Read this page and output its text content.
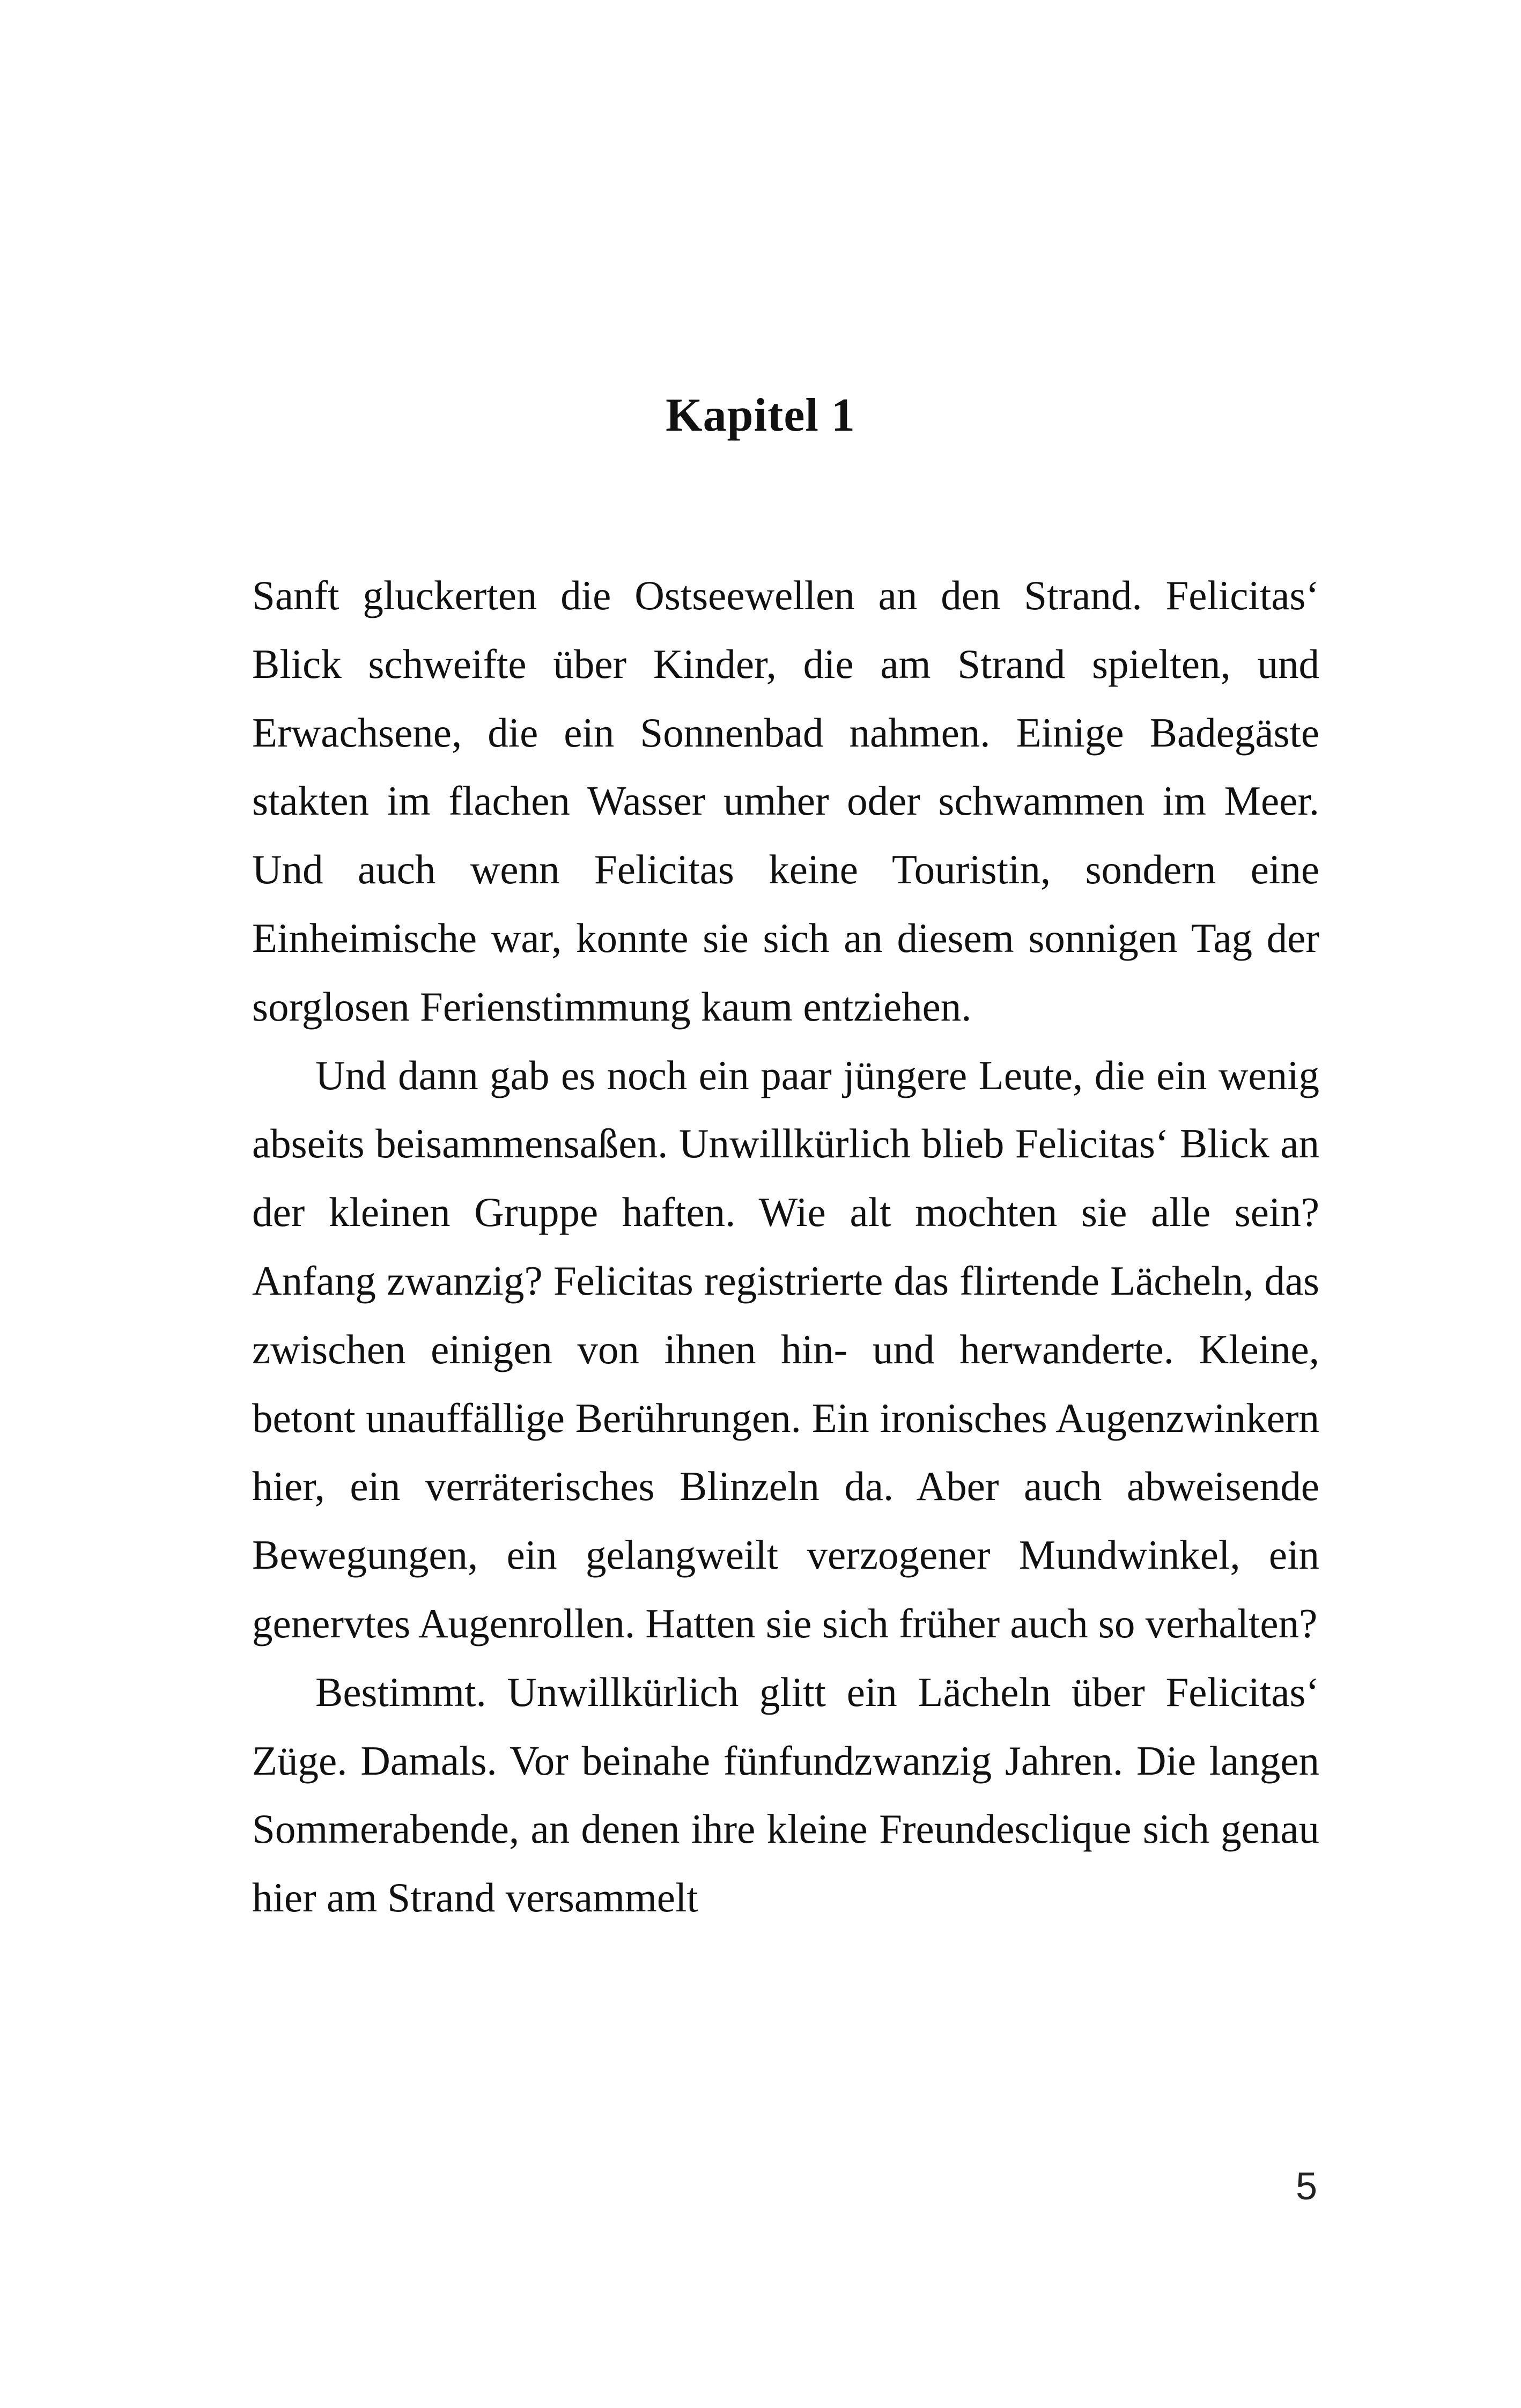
Kapitel 1

Sanft gluckerten die Ostseewellen an den Strand. Felicitas‘ Blick schweifte über Kinder, die am Strand spielten, und Erwachsene, die ein Sonnenbad nahmen. Einige Badegäste stakten im flachen Wasser umher oder schwammen im Meer. Und auch wenn Felicitas keine Touristin, sondern eine Einheimische war, konnte sie sich an diesem sonnigen Tag der sorglosen Ferienstimmung kaum entziehen.

Und dann gab es noch ein paar jüngere Leute, die ein wenig abseits beisammensaßen. Unwillkürlich blieb Felicitas‘ Blick an der kleinen Gruppe haften. Wie alt mochten sie alle sein? Anfang zwanzig? Felicitas registrierte das flirtende Lächeln, das zwischen einigen von ihnen hin- und herwanderte. Kleine, betont unauffällige Berührungen. Ein ironisches Augenzwinkern hier, ein verräterisches Blinzeln da. Aber auch abweisende Bewegungen, ein gelangweilt verzogener Mundwinkel, ein genervtes Augenrollen. Hatten sie sich früher auch so verhalten?

Bestimmt. Unwillkürlich glitt ein Lächeln über Felicitas‘ Züge. Damals. Vor beinahe fünfundzwanzig Jahren. Die langen Sommerabende, an denen ihre kleine Freundesclique sich genau hier am Strand versammelt

5
